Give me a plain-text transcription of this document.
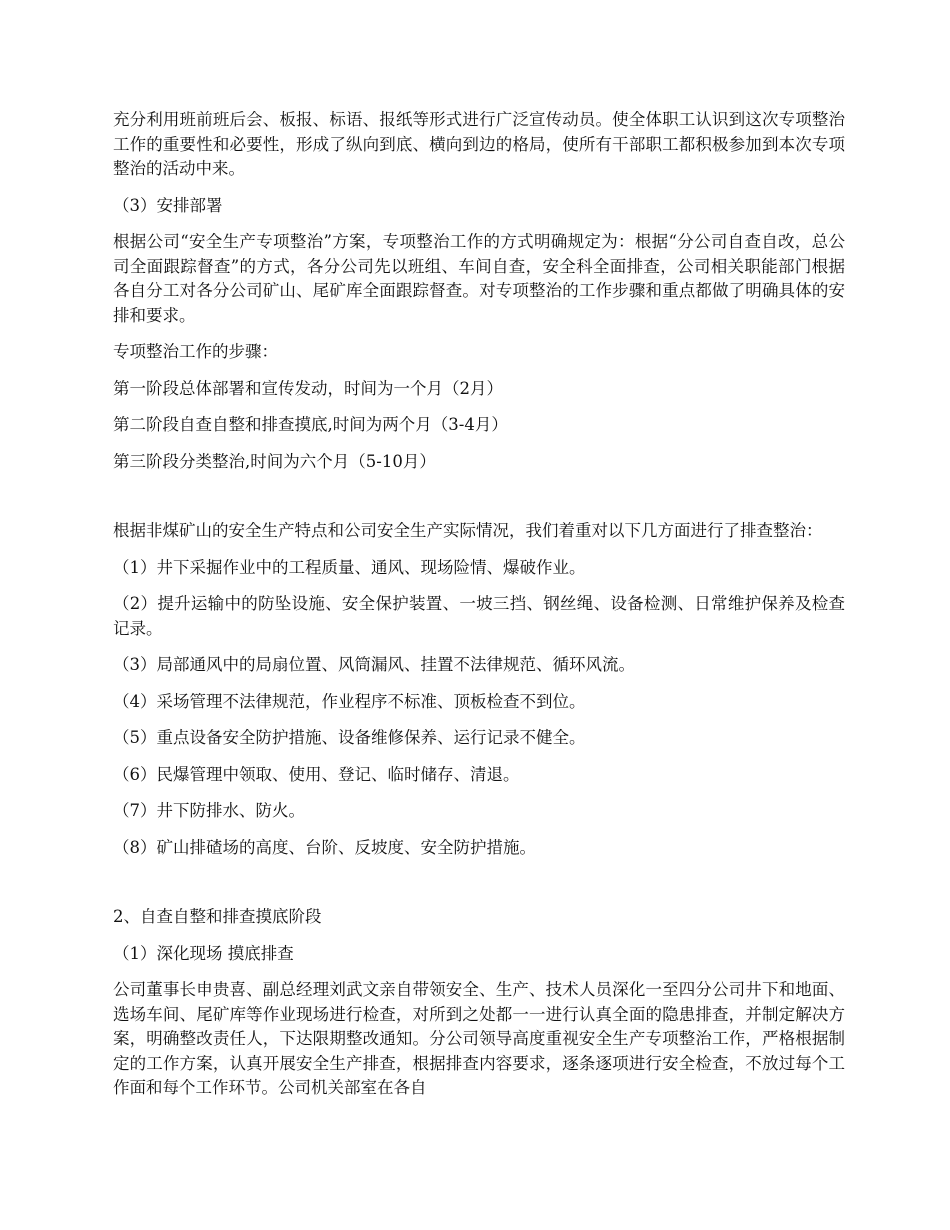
充分利用班前班后会、板报、标语、报纸等形式进行广泛宣传动员。使全体职工认识到这次专项整治工作的重要性和必要性，形成了纵向到底、横向到边的格局，使所有干部职工都积极参加到本次专项整治的活动中来。

（3）安排部署

根据公司“安全生产专项整治”方案，专项整治工作的方式明确规定为：根据“分公司自查自改，总公司全面跟踪督查”的方式，各分公司先以班组、车间自查，安全科全面排查，公司相关职能部门根据各自分工对各分公司矿山、尾矿库全面跟踪督查。对专项整治的工作步骤和重点都做了明确具体的安排和要求。

专项整治工作的步骤：

第一阶段总体部署和宣传发动，时间为一个月（2月）

第二阶段自查自整和排查摸底,时间为两个月（3-4月）

第三阶段分类整治,时间为六个月（5-10月）

根据非煤矿山的安全生产特点和公司安全生产实际情况，我们着重对以下几方面进行了排查整治：

（1）井下采掘作业中的工程质量、通风、现场险情、爆破作业。

（2）提升运输中的防坠设施、安全保护装置、一坡三挡、钢丝绳、设备检测、日常维护保养及检查记录。

（3）局部通风中的局扇位置、风筒漏风、挂置不法律规范、循环风流。

（4）采场管理不法律规范，作业程序不标准、顶板检查不到位。

（5）重点设备安全防护措施、设备维修保养、运行记录不健全。

（6）民爆管理中领取、使用、登记、临时储存、清退。

（7）井下防排水、防火。

（8）矿山排碴场的高度、台阶、反坡度、安全防护措施。

2、自查自整和排查摸底阶段

（1）深化现场 摸底排查

公司董事长申贵喜、副总经理刘武文亲自带领安全、生产、技术人员深化一至四分公司井下和地面、选场车间、尾矿库等作业现场进行检查，对所到之处都一一进行认真全面的隐患排查，并制定解决方案，明确整改责任人，下达限期整改通知。分公司领导高度重视安全生产专项整治工作，严格根据制定的工作方案，认真开展安全生产排查，根据排查内容要求，逐条逐项进行安全检查，不放过每个工作面和每个工作环节。公司机关部室在各自
